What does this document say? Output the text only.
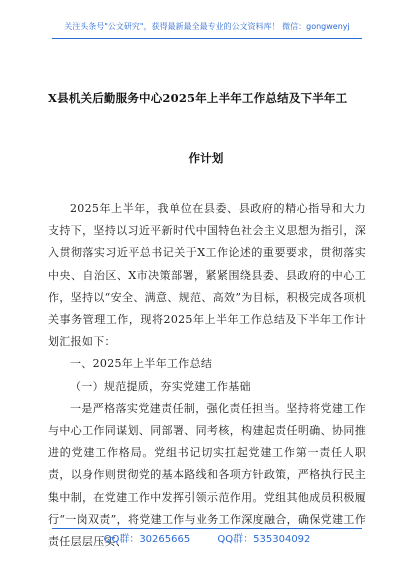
关注头条号"公文研究"，获得最新最全最专业的公文资料库！ 微信：gongwenyj
X县机关后勤服务中心2025年上半年工作总结及下半年工
作计划

2025年上半年，我单位在县委、县政府的精心指导和大力支持下，坚持以习近平新时代中国特色社会主义思想为指引，深入贯彻落实习近平总书记关于X工作论述的重要要求，贯彻落实中央、自治区、X市决策部署，紧紧围绕县委、县政府的中心工作，坚持以“安全、满意、规范、高效”为目标，积极完成各项机关事务管理工作，现将2025年上半年工作总结及下半年工作计划汇报如下：

一、2025年上半年工作总结

（一）规范提质，夯实党建工作基础

一是严格落实党建责任制，强化责任担当。坚持将党建工作与中心工作同谋划、同部署、同考核，构建起责任明确、协同推进的党建工作格局。党组书记切实扛起党建工作第一责任人职责，以身作则贯彻党的基本路线和各项方针政策，严格执行民主集中制，在党建工作中发挥引领示范作用。党组其他成员积极履行“一岗双责”，将党建工作与业务工作深度融合，确保党建工作责任层层压实、

QQ群：30265665	QQ群：535304092
